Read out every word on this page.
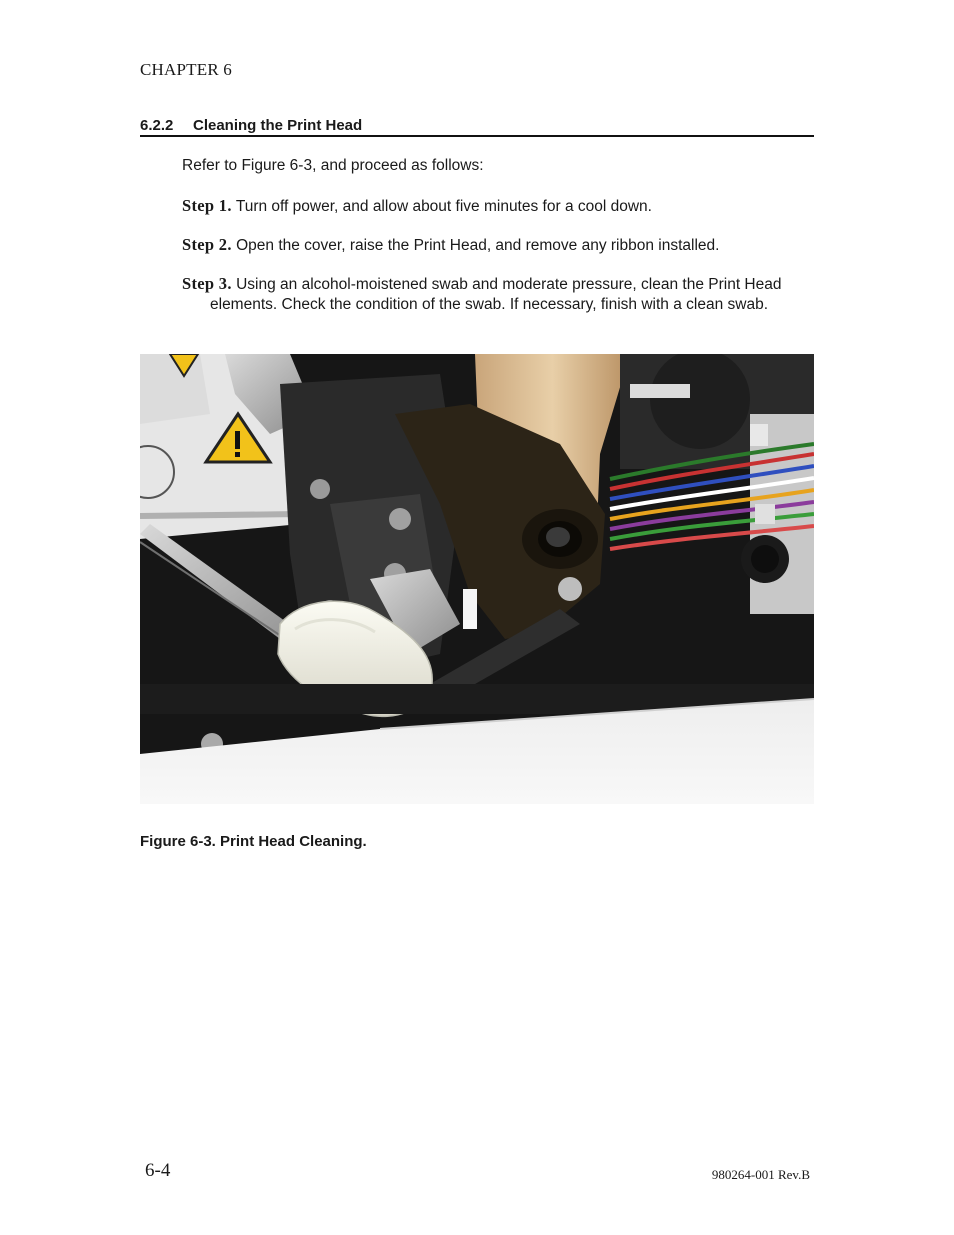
CHAPTER 6
6.2.2 Cleaning the Print Head
Refer to Figure 6-3, and proceed as follows:
Step 1. Turn off power, and allow about five minutes for a cool down.
Step 2. Open the cover, raise the Print Head, and remove any ribbon installed.
Step 3. Using an alcohol-moistened swab and moderate pressure, clean the Print Head elements. Check the condition of the swab. If necessary, finish with a clean swab.
Figure 6-3. Print Head Cleaning.
6-4	980264-001 Rev.B
